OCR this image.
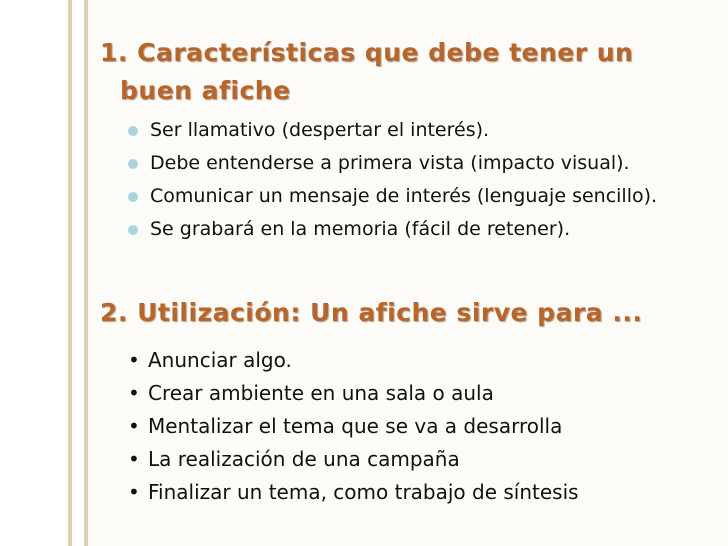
1. Características que debe tener un
buen afiche
Ser llamativo (despertar el interés).
Debe entenderse a primera vista (impacto visual).
Comunicar un mensaje de interés (lenguaje sencillo).
Se grabará en la memoria (fácil de retener).
2. Utilización: Un afiche sirve para ...
• Anunciar algo.
• Crear ambiente en una sala o aula
• Mentalizar el tema que se va a desarrolla
• La realización de una campaña
• Finalizar un tema, como trabajo de síntesis
